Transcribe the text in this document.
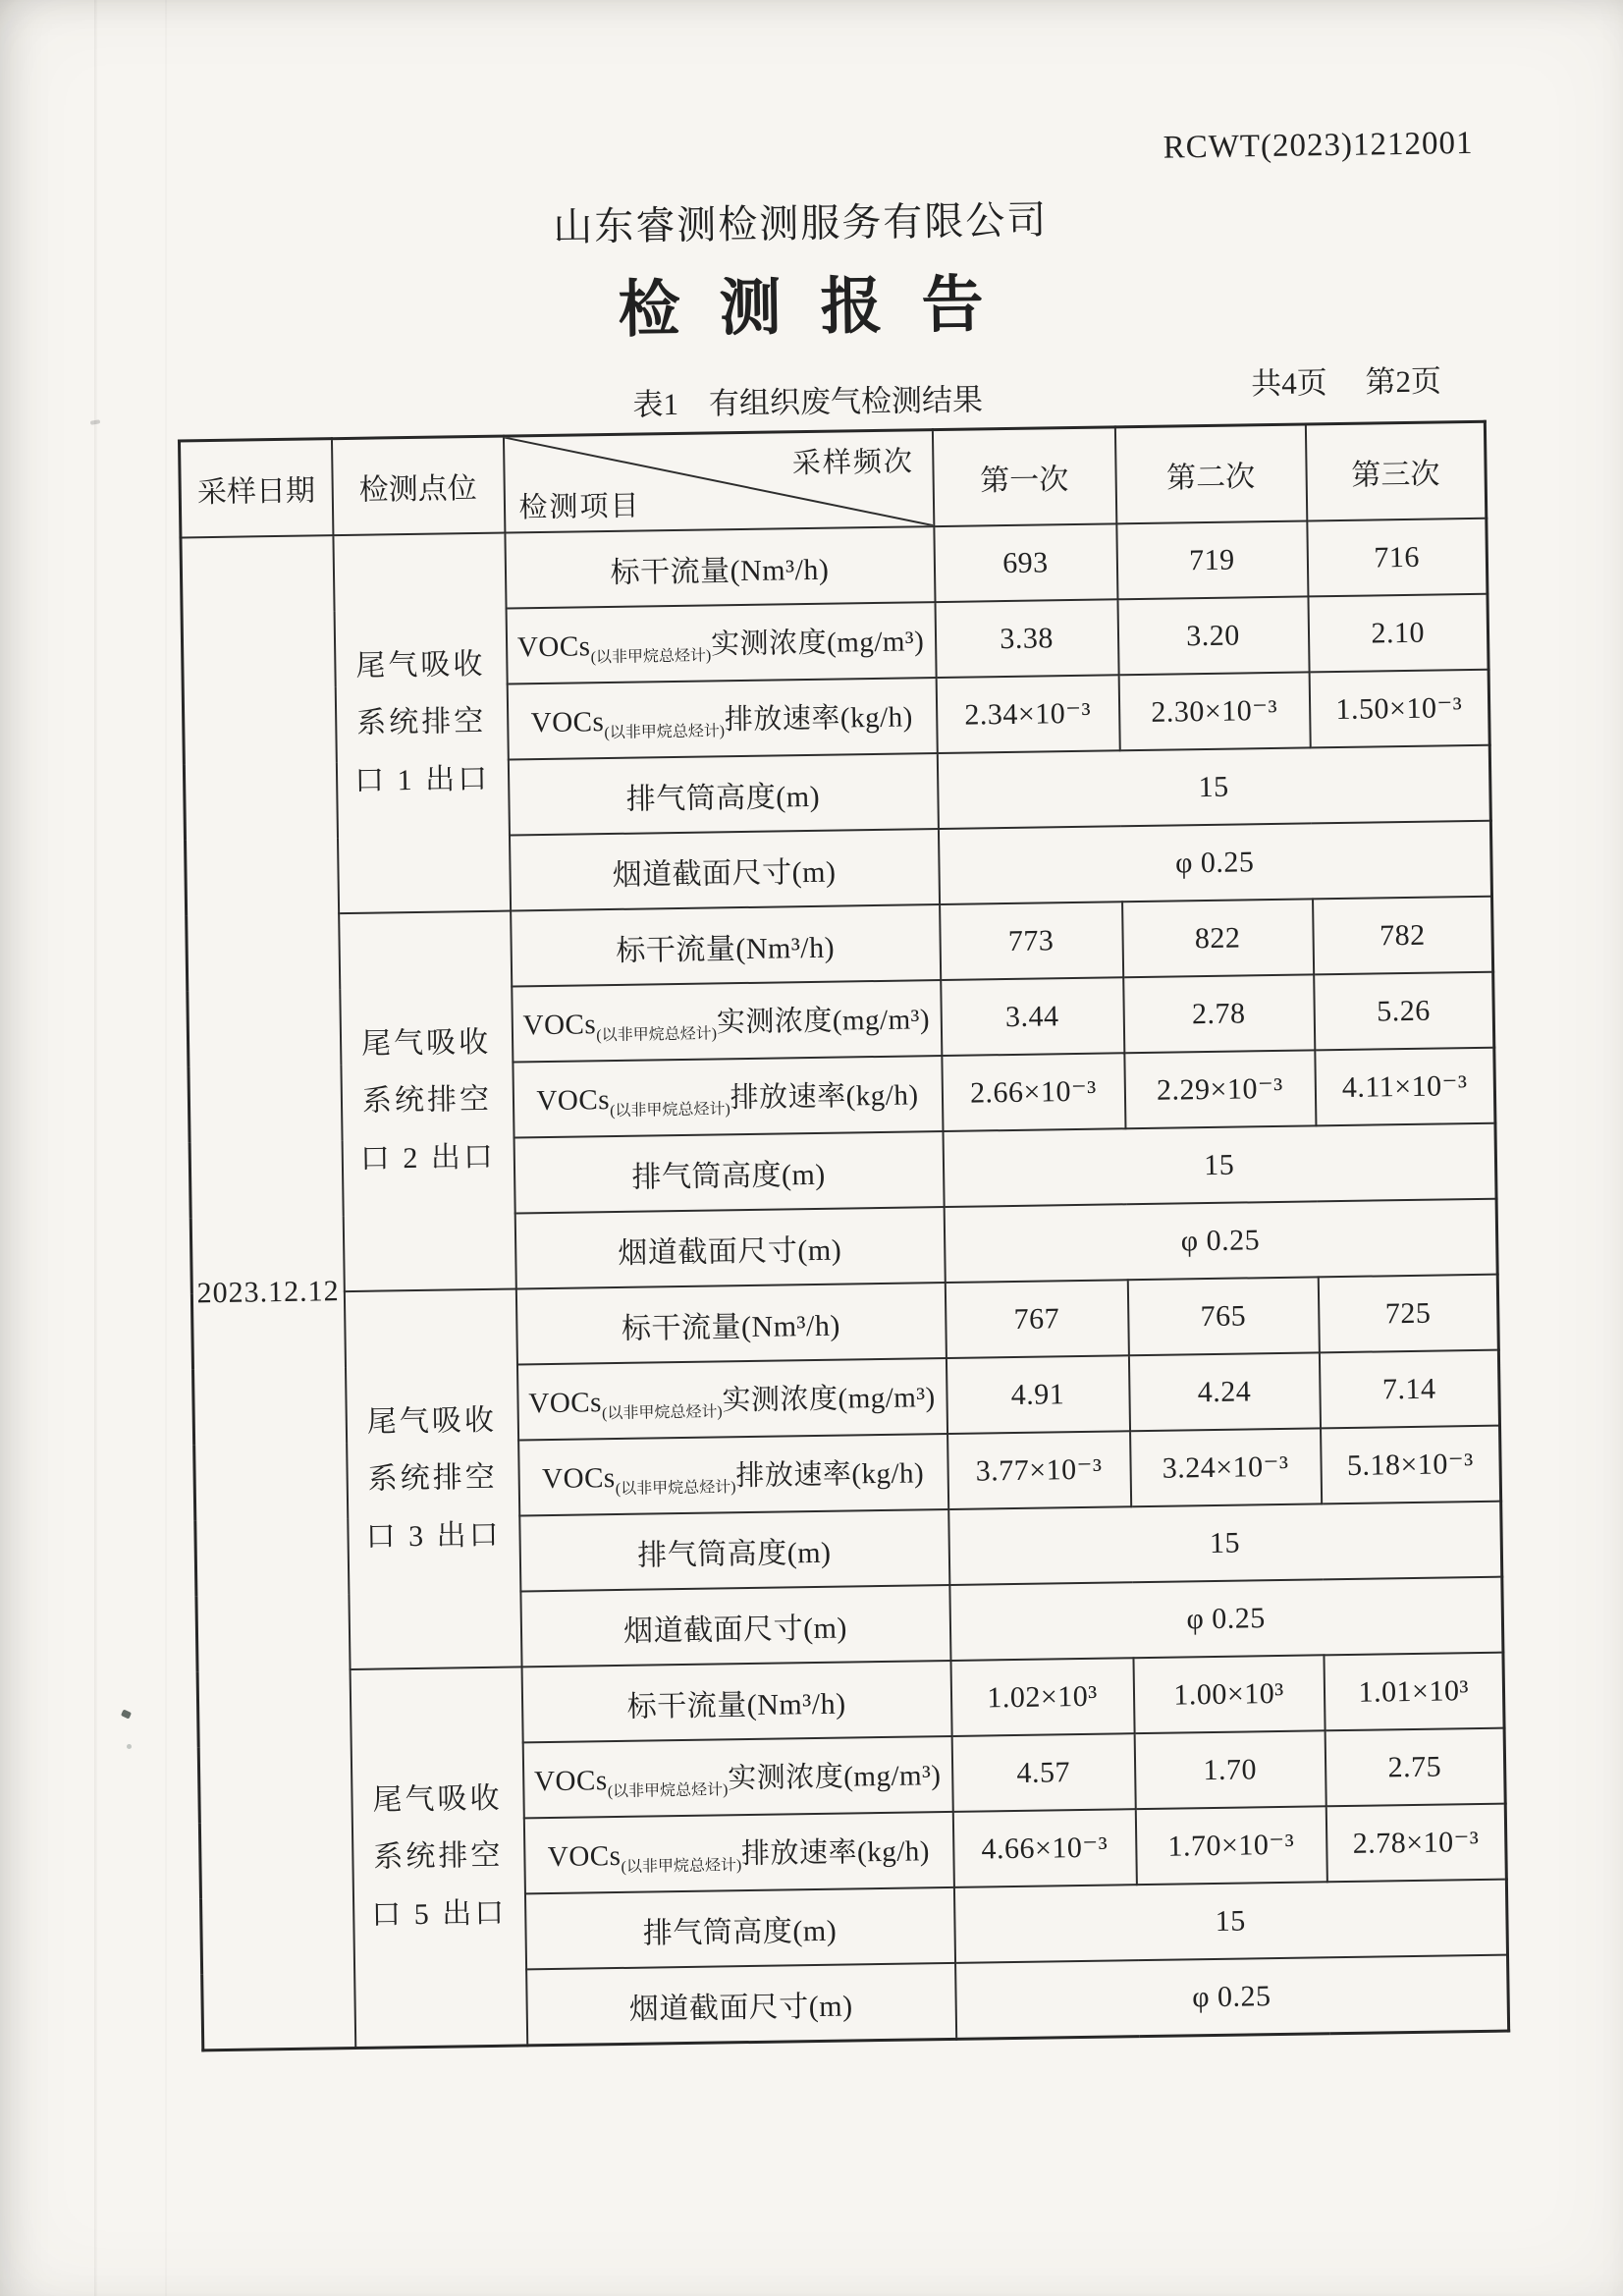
RCWT(2023)1212001
山东睿测检测服务有限公司
检测报告
表1　有组织废气检测结果	共4页　 第2页
采样日期	检测点位	采样频次
检测项目	第一次	第二次	第三次
2023.12.12	尾气吸收
系统排空
口 1 出口	标干流量(Nm³/h)	693	719	716
		VOCs$_{(以非甲烷总烃计)}$实测浓度(mg/m³)	3.38	3.20	2.10
		VOCs$_{(以非甲烷总烃计)}$排放速率(kg/h)	2.34×10⁻³	2.30×10⁻³	1.50×10⁻³
		排气筒高度(m)	15		
		烟道截面尺寸(m)	φ 0.25		

	尾气吸收
系统排空
口 2 出口	标干流量(Nm³/h)	773	822	782
		VOCs$_{(以非甲烷总烃计)}$实测浓度(mg/m³)	3.44	2.78	5.26
		VOCs$_{(以非甲烷总烃计)}$排放速率(kg/h)	2.66×10⁻³	2.29×10⁻³	4.11×10⁻³
		排气筒高度(m)	15		
		烟道截面尺寸(m)	φ 0.25		

	尾气吸收
系统排空
口 3 出口	标干流量(Nm³/h)	767	765	725
		VOCs$_{(以非甲烷总烃计)}$实测浓度(mg/m³)	4.91	4.24	7.14
		VOCs$_{(以非甲烷总烃计)}$排放速率(kg/h)	3.77×10⁻³	3.24×10⁻³	5.18×10⁻³
		排气筒高度(m)	15		
		烟道截面尺寸(m)	φ 0.25		

	尾气吸收
系统排空
口 5 出口	标干流量(Nm³/h)	1.02×10³	1.00×10³	1.01×10³
		VOCs$_{(以非甲烷总烃计)}$实测浓度(mg/m³)	4.57	1.70	2.75
		VOCs$_{(以非甲烷总烃计)}$排放速率(kg/h)	4.66×10⁻³	1.70×10⁻³	2.78×10⁻³
		排气筒高度(m)	15		
		烟道截面尺寸(m)	φ 0.25		
